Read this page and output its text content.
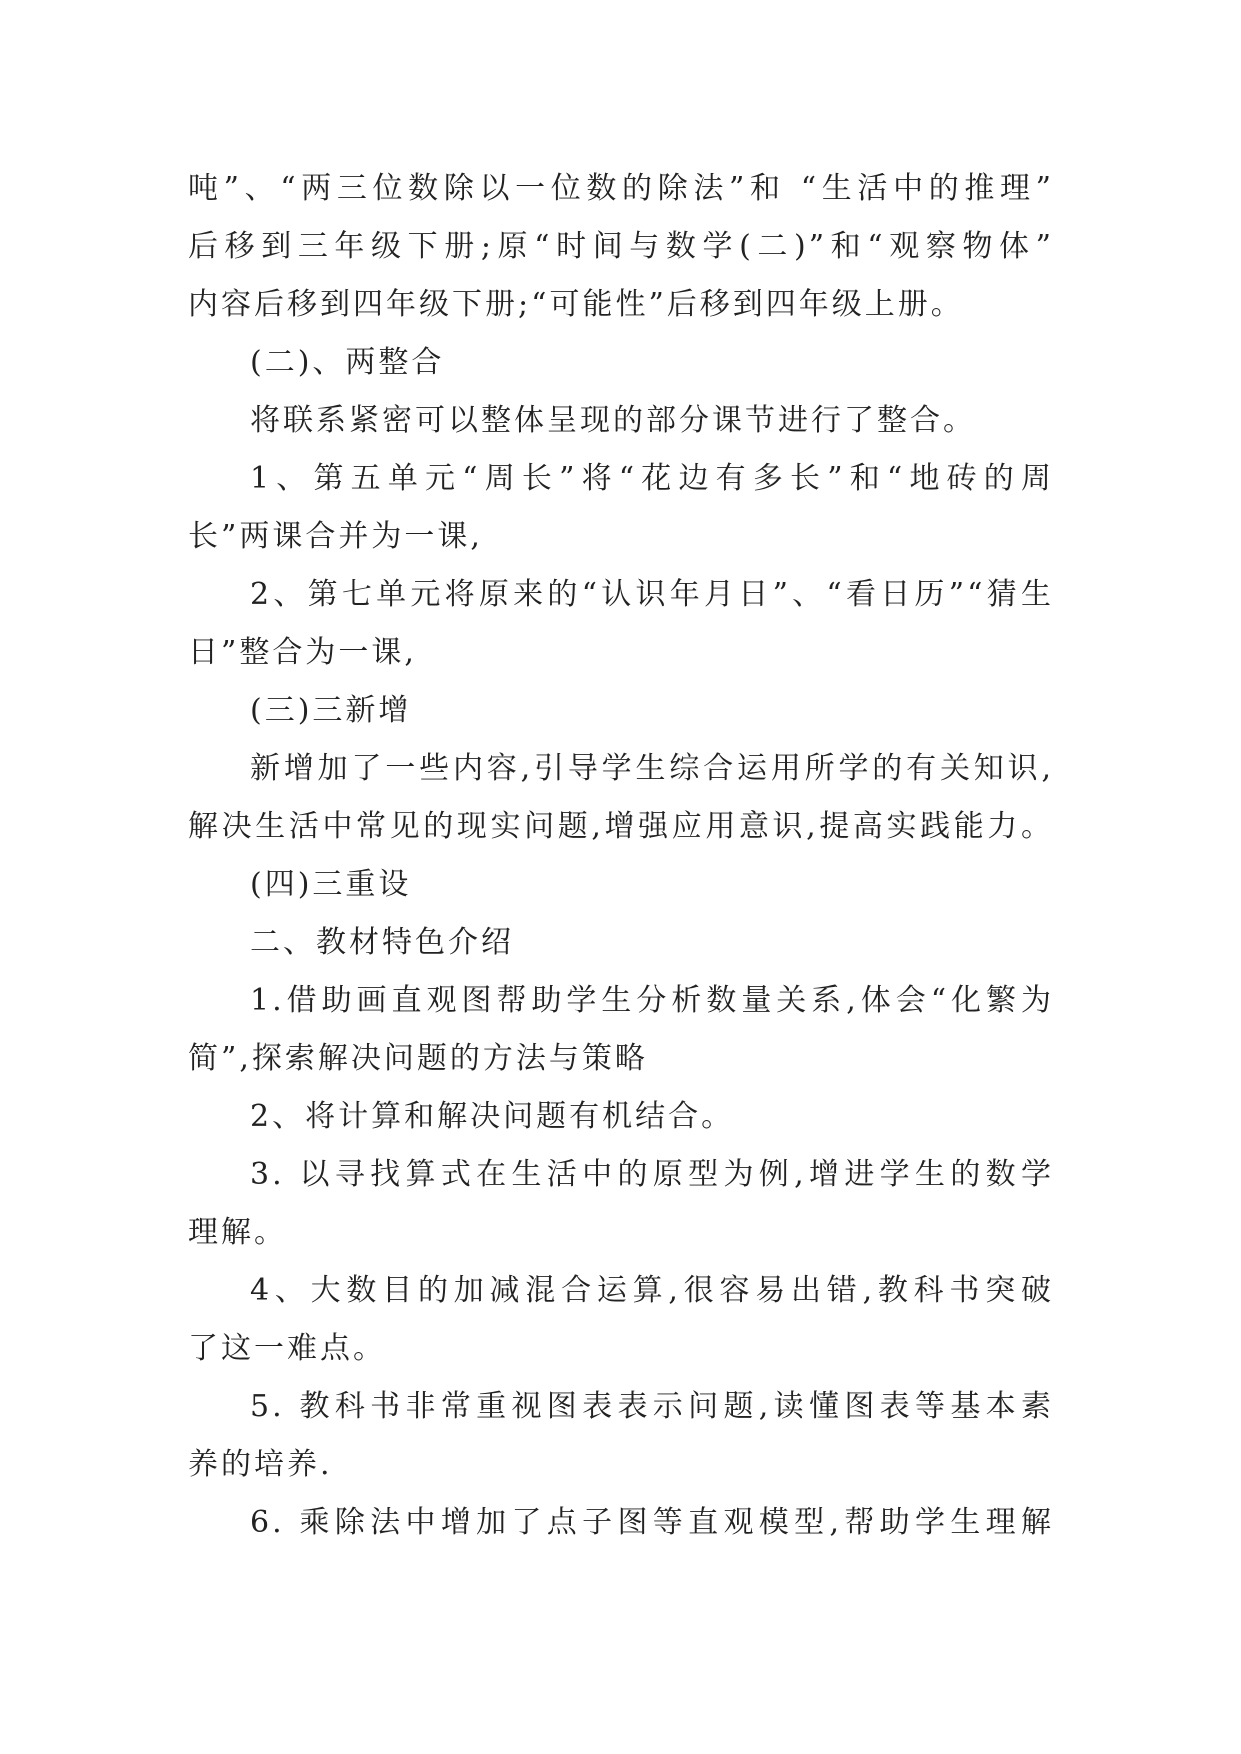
吨”、“两三位数除以一位数的除法”和 “生活中的推理”
后移到三年级下册;原“时间与数学(二)”和“观察物体”
内容后移到四年级下册;“可能性”后移到四年级上册。
(二)、两整合
将联系紧密可以整体呈现的部分课节进行了整合。
1、第五单元“周长”将“花边有多长”和“地砖的周
长”两课合并为一课,
2、第七单元将原来的“认识年月日”、“看日历”“猜生
日”整合为一课,
(三)三新增
新增加了一些内容,引导学生综合运用所学的有关知识,
解决生活中常见的现实问题,增强应用意识,提高实践能力。
(四)三重设
二、教材特色介绍
1.借助画直观图帮助学生分析数量关系,体会“化繁为
简”,探索解决问题的方法与策略
2、将计算和解决问题有机结合。
3. 以寻找算式在生活中的原型为例,增进学生的数学
理解。
4、大数目的加减混合运算,很容易出错,教科书突破
了这一难点。
5. 教科书非常重视图表表示问题,读懂图表等基本素
养的培养.
6. 乘除法中增加了点子图等直观模型,帮助学生理解
